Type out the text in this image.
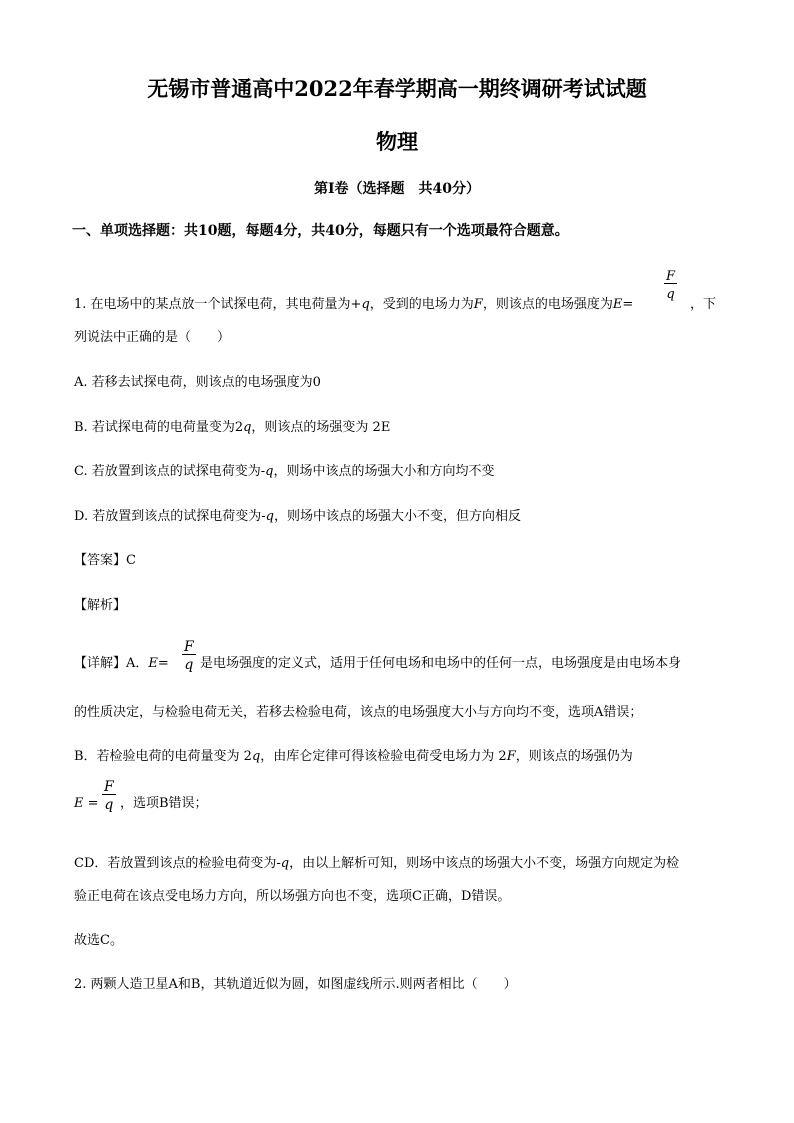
无锡市普通高中2022年春学期高一期终调研考试试题
物理
第Ⅰ卷（选择题　共40分）
一、单项选择题：共10题，每题4分，共40分，每题只有一个选项最符合题意。
1. 在电场中的某点放一个试探电荷，其电荷量为+q，受到的电场力为F，则该点的电场强度为E=
$\frac{F}{q}$
，下
列说法中正确的是（　　）
A. 若移去试探电荷，则该点的电场强度为0
B. 若试探电荷的电荷量变为2q，则该点的场强变为 2E
C. 若放置到该点的试探电荷变为-q，则场中该点的场强大小和方向均不变
D. 若放置到该点的试探电荷变为-q，则场中该点的场强大小不变，但方向相反
【答案】C
【解析】
【详解】A．$E= \frac{F}{q}$ 是电场强度的定义式，适用于任何电场和电场中的任何一点，电场强度是由电场本身
的性质决定，与检验电荷无关，若移去检验电荷，该点的电场强度大小与方向均不变，选项A错误；
B．若检验电荷的电荷量变为 2q，由库仑定律可得该检验电荷受电场力为 2F，则该点的场强仍为
$E = \frac{F}{q}$ ，选项B错误；
CD．若放置到该点的检验电荷变为-q，由以上解析可知，则场中该点的场强大小不变，场强方向规定为检
验正电荷在该点受电场力方向，所以场强方向也不变，选项C正确，D错误。
故选C。
2. 两颗人造卫星A和B，其轨道近似为圆，如图虚线所示.则两者相比（　　）
